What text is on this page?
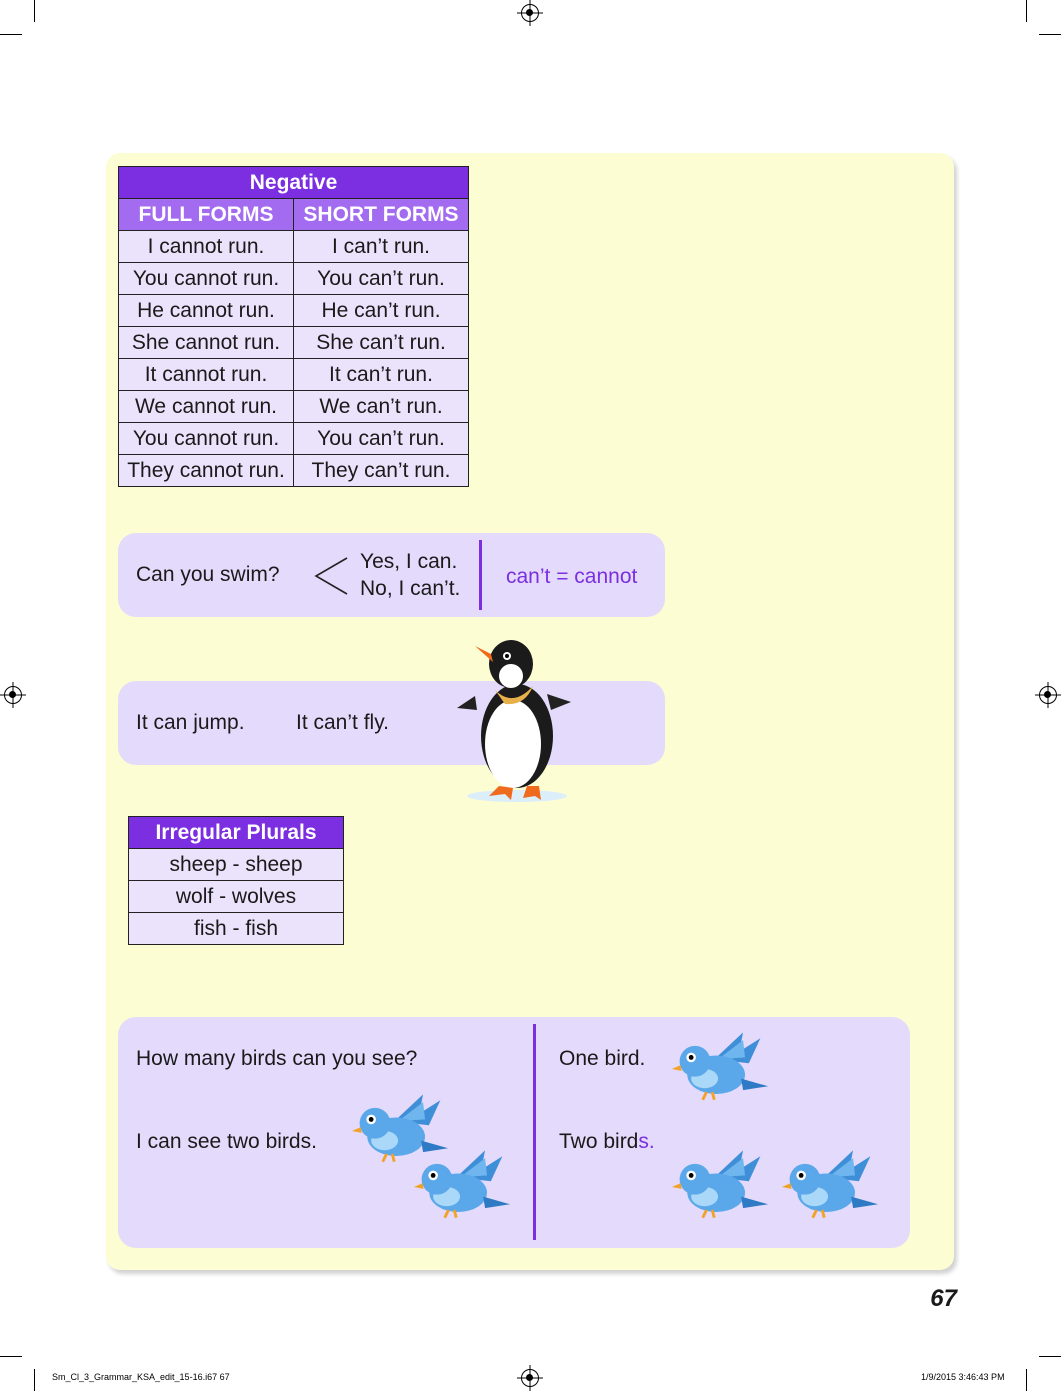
Negative	
FULL FORMS	SHORT FORMS
I cannot run.	I can’t run.
You cannot run.	You can’t run.
He cannot run.	He can’t run.
She cannot run.	She can’t run.
It cannot run.	It can’t run.
We cannot run.	We can’t run.
You cannot run.	You can’t run.
They cannot run.	They can’t run.
Can you swim?
Yes, I can.
No, I can’t.
can’t = cannot
It can jump. It can’t fly.
Irregular Plurals
sheep - sheep
wolf - wolves
fish - fish
How many birds can you see?
I can see two birds.
One bird.
Two birds.
67
Sm_Cl_3_Grammar_KSA_edit_15-16.i67 67	1/9/2015 3:46:43 PM
